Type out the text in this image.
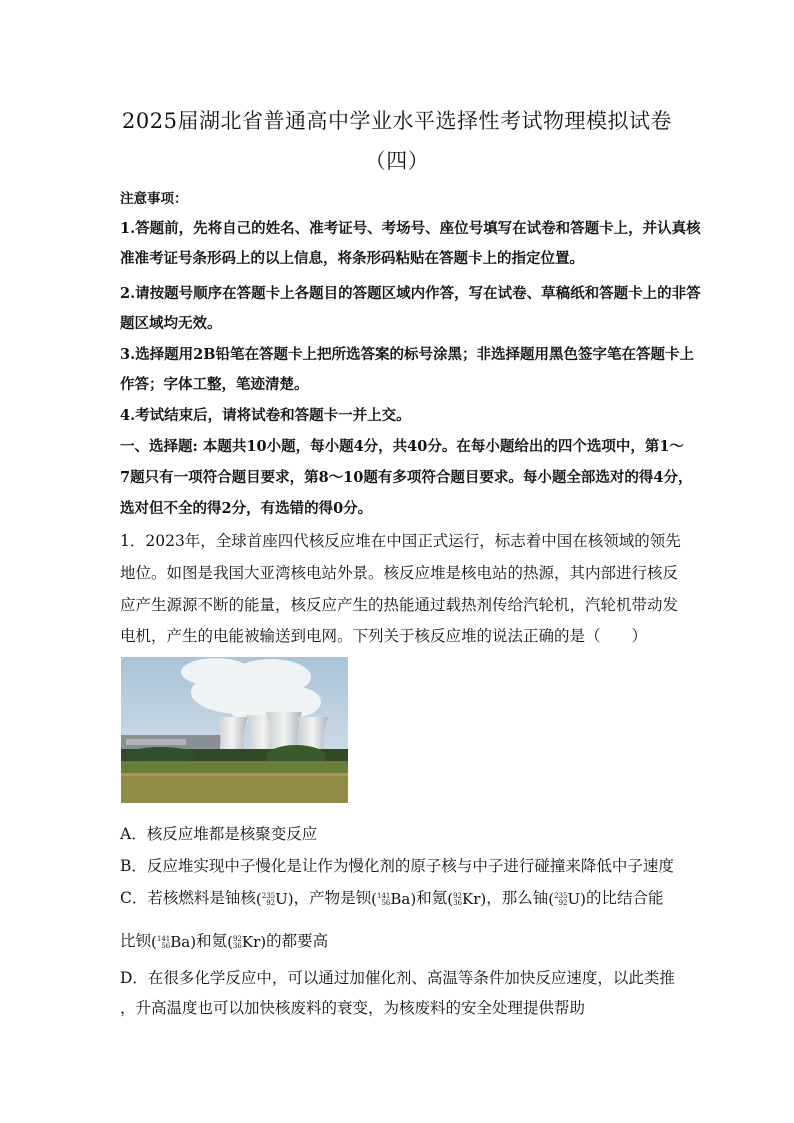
2025届湖北省普通高中学业水平选择性考试物理模拟试卷
（四）
注意事项：
1.答题前，先将自己的姓名、准考证号、考场号、座位号填写在试卷和答题卡上，并认真核
准准考证号条形码上的以上信息，将条形码粘贴在答题卡上的指定位置。
2.请按题号顺序在答题卡上各题目的答题区域内作答，写在试卷、草稿纸和答题卡上的非答
题区域均无效。
3.选择题用2B铅笔在答题卡上把所选答案的标号涂黑；非选择题用黑色签字笔在答题卡上
作答；字体工整，笔迹清楚。
4.考试结束后，请将试卷和答题卡一并上交。
一、选择题: 本题共10小题，每小题4分，共40分。在每小题给出的四个选项中，第1～
7题只有一项符合题目要求，第8～10题有多项符合题目要求。每小题全部选对的得4分，
选对但不全的得2分，有选错的得0分。
1．2023年，全球首座四代核反应堆在中国正式运行，标志着中国在核领域的领先
地位。如图是我国大亚湾核电站外景。核反应堆是核电站的热源，其内部进行核反
应产生源源不断的能量，核反应产生的热能通过载热剂传给汽轮机，汽轮机带动发
电机，产生的电能被输送到电网。下列关于核反应堆的说法正确的是（　　）
A．核反应堆都是核聚变反应
B．反应堆实现中子慢化是让作为慢化剂的原子核与中子进行碰撞来降低中子速度
C．若核燃料是铀核(235
92U)，产物是钡(141
56Ba)和氪(92
36Kr)，那么铀(235
92U)的比结合能
比钡(141
56Ba)和氪(92
36Kr)的都要高
D．在很多化学反应中，可以通过加催化剂、高温等条件加快反应速度，以此类推
，升高温度也可以加快核废料的衰变，为核废料的安全处理提供帮助
